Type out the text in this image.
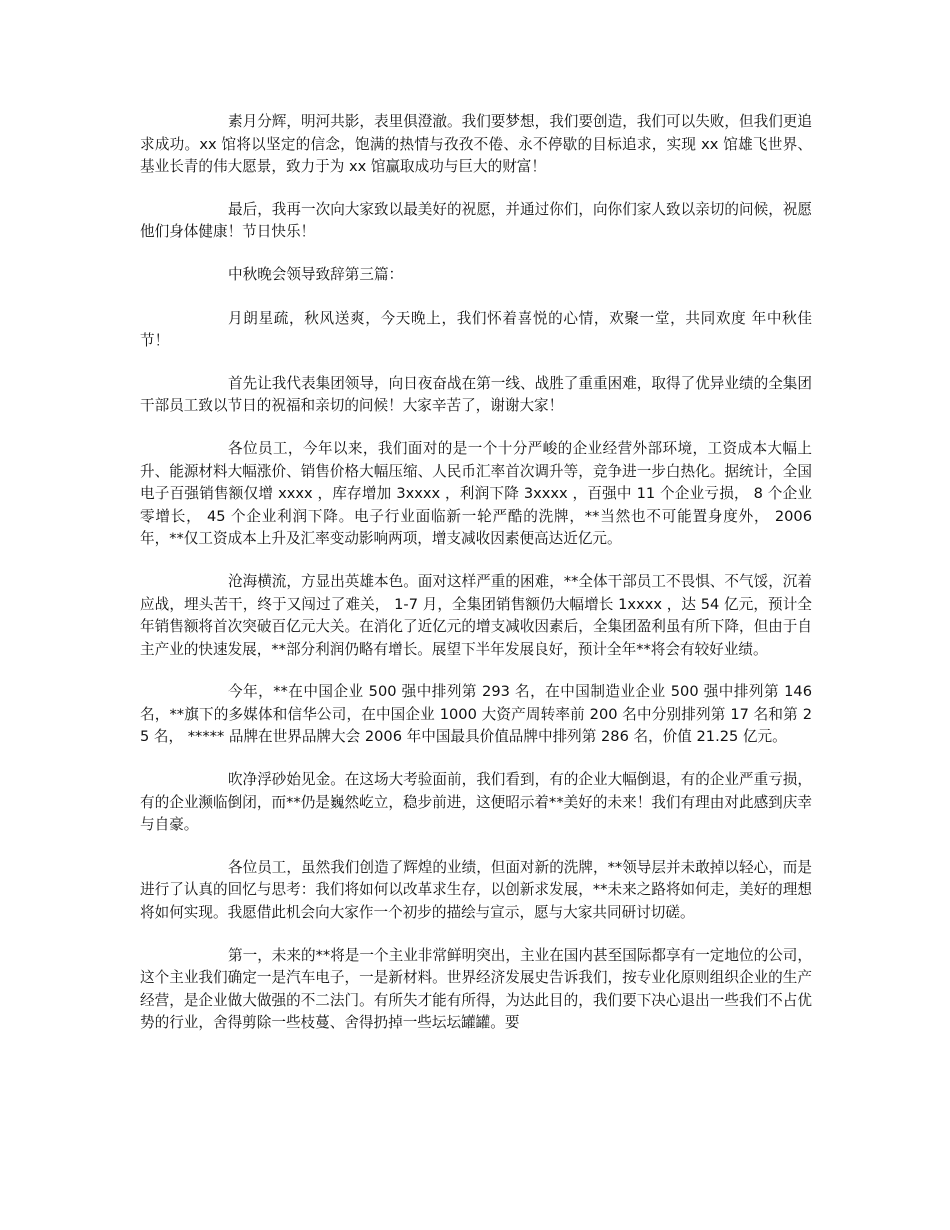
素月分辉，明河共影，表里俱澄澈。我们要梦想，我们要创造，我们可以失败，但我们更追求成功。xx 馆将以坚定的信念，饱满的热情与孜孜不倦、永不停歇的目标追求，实现 xx 馆雄飞世界、基业长青的伟大愿景，致力于为 xx 馆赢取成功与巨大的财富！

最后，我再一次向大家致以最美好的祝愿，并通过你们，向你们家人致以亲切的问候，祝愿他们身体健康！节日快乐！

中秋晚会领导致辞第三篇：

月朗星疏，秋风送爽，今天晚上，我们怀着喜悦的心情，欢聚一堂，共同欢度 年中秋佳节！

首先让我代表集团领导，向日夜奋战在第一线、战胜了重重困难，取得了优异业绩的全集团干部员工致以节日的祝福和亲切的问候！大家辛苦了，谢谢大家！

各位员工，今年以来，我们面对的是一个十分严峻的企业经营外部环境，工资成本大幅上升、能源材料大幅涨价、销售价格大幅压缩、人民币汇率首次调升等，竞争进一步白热化。据统计，全国电子百强销售额仅增 xxxx ，库存增加 3xxxx ，利润下降 3xxxx ，百强中 11 个企业亏损， 8 个企业零增长， 45 个企业利润下降。电子行业面临新一轮严酷的洗牌，**当然也不可能置身度外， 2006 年，**仅工资成本上升及汇率变动影响两项，增支减收因素便高达近亿元。

沧海横流，方显出英雄本色。面对这样严重的困难，**全体干部员工不畏惧、不气馁，沉着应战，埋头苦干，终于又闯过了难关， 1-7 月，全集团销售额仍大幅增长 1xxxx ，达 54 亿元，预计全年销售额将首次突破百亿元大关。在消化了近亿元的增支减收因素后，全集团盈利虽有所下降，但由于自主产业的快速发展，**部分利润仍略有增长。展望下半年发展良好，预计全年**将会有较好业绩。

今年，**在中国企业 500 强中排列第 293 名，在中国制造业企业 500 强中排列第 146 名，**旗下的多媒体和信华公司，在中国企业 1000 大资产周转率前 200 名中分别排列第 17 名和第 25 名， ***** 品牌在世界品牌大会 2006 年中国最具价值品牌中排列第 286 名，价值 21.25 亿元。

吹净浮砂始见金。在这场大考验面前，我们看到，有的企业大幅倒退，有的企业严重亏损，有的企业濒临倒闭，而**仍是巍然屹立，稳步前进，这便昭示着**美好的未来！我们有理由对此感到庆幸与自豪。

各位员工，虽然我们创造了辉煌的业绩，但面对新的洗牌，**领导层并未敢掉以轻心，而是进行了认真的回忆与思考：我们将如何以改革求生存，以创新求发展，**未来之路将如何走，美好的理想将如何实现。我愿借此机会向大家作一个初步的描绘与宣示，愿与大家共同研讨切磋。

第一，未来的**将是一个主业非常鲜明突出，主业在国内甚至国际都享有一定地位的公司，这个主业我们确定一是汽车电子，一是新材料。世界经济发展史告诉我们，按专业化原则组织企业的生产经营，是企业做大做强的不二法门。有所失才能有所得，为达此目的，我们要下决心退出一些我们不占优势的行业，舍得剪除一些枝蔓、舍得扔掉一些坛坛罐罐。要
